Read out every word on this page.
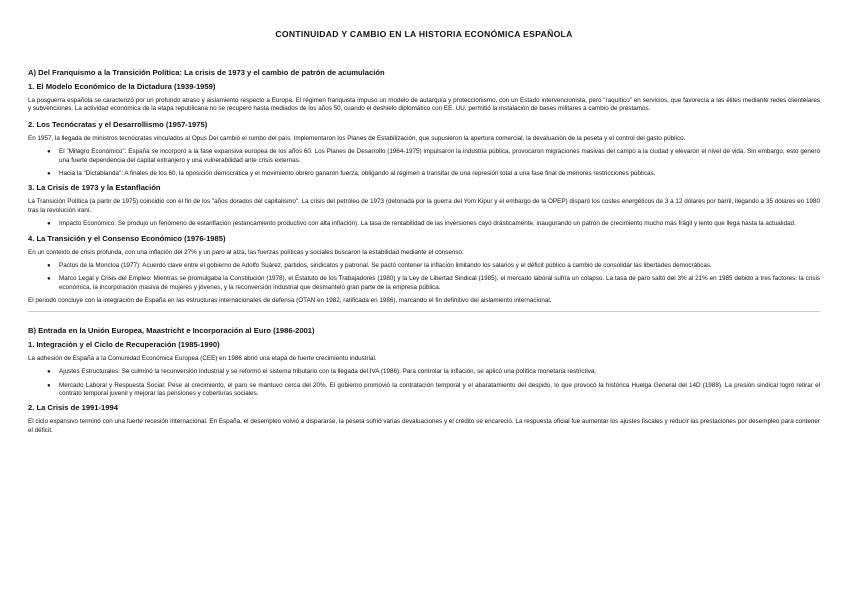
CONTINUIDAD Y CAMBIO EN LA HISTORIA ECONÓMICA ESPAÑOLA
A) Del Franquismo a la Transición Política: La crisis de 1973 y el cambio de patrón de acumulación
1. El Modelo Económico de la Dictadura (1939-1959)

La posguerra española se caracterizó por un profundo atraso y aislamiento respecto a Europa. El régimen franquista impuso un modelo de autarquía y proteccionismo, con un Estado intervencionista, pero "raquítico" en servicios, que favorecía a las élites mediante redes clientelares y subvenciones. La actividad económica de la etapa republicana no se recuperó hasta mediados de los años 50, cuando el deshielo diplomático con EE. UU. permitió la instalación de bases militares a cambio de préstamos.

2. Los Tecnócratas y el Desarrollismo (1957-1975)

En 1957, la llegada de ministros tecnócratas vinculados al Opus Dei cambió el rumbo del país. Implementaron los Planes de Estabilización, que supusieron la apertura comercial, la devaluación de la peseta y el control del gasto público.

● El "Milagro Económico": España se incorporó a la fase expansiva europea de los años 60. Los Planes de Desarrollo (1964-1975) impulsaron la industria pública, provocaron migraciones masivas del campo a la ciudad y elevaron el nivel de vida. Sin embargo, esto generó una fuerte dependencia del capital extranjero y una vulnerabilidad ante crisis externas.
● Hacia la "Dictablanda": A finales de los 60, la oposición democrática y el movimiento obrero ganaron fuerza, obligando al régimen a transitar de una represión total a una fase final de menores restricciones públicas.
3. La Crisis de 1973 y la Estanflación

La Transición Política (a partir de 1975) coincidió con el fin de los "años dorados del capitalismo". La crisis del petróleo de 1973 (detonada por la guerra del Yom Kipur y el embargo de la OPEP) disparó los costes energéticos de 3 a 12 dólares por barril, llegando a 35 dólares en 1980 tras la revolución iraní.

● Impacto Económico: Se produjo un fenómeno de estanflación (estancamiento productivo con alta inflación). La tasa de rentabilidad de las inversiones cayó drásticamente, inaugurando un patrón de crecimiento mucho más frágil y lento que llega hasta la actualidad.
4. La Transición y el Consenso Económico (1976-1985)

En un contexto de crisis profunda, con una inflación del 27% y un paro al alza, las fuerzas políticas y sociales buscaron la estabilidad mediante el consenso:

● Pactos de la Moncloa (1977): Acuerdo clave entre el gobierno de Adolfo Suárez, partidos, sindicatos y patronal. Se pactó contener la inflación limitando los salarios y el déficit público a cambio de consolidar las libertades democráticas.
● Marco Legal y Crisis del Empleo: Mientras se promulgaba la Constitución (1978), el Estatuto de los Trabajadores (1980) y la Ley de Libertad Sindical (1985), el mercado laboral sufría un colapso. La tasa de paro saltó del 3% al 21% en 1985 debido a tres factores: la crisis económica, la incorporación masiva de mujeres y jóvenes, y la reconversión industrial que desmanteló gran parte de la empresa pública.

El periodo concluye con la integración de España en las estructuras internacionales de defensa (OTAN en 1982, ratificada en 1986), marcando el fin definitivo del aislamiento internacional.

B) Entrada en la Unión Europea, Maastricht e Incorporación al Euro (1986-2001)
1. Integración y el Ciclo de Recuperación (1985-1990)

La adhesión de España a la Comunidad Económica Europea (CEE) en 1986 abrió una etapa de fuerte crecimiento industrial.

● Ajustes Estructurales: Se culminó la reconversión industrial y se reformó el sistema tributario con la llegada del IVA (1986). Para controlar la inflación, se aplicó una política monetaria restrictiva.
● Mercado Laboral y Respuesta Social: Pese al crecimiento, el paro se mantuvo cerca del 20%. El gobierno promovió la contratación temporal y el abaratamiento del despido, lo que provocó la histórica Huelga General del 14D (1988). La presión sindical logró retirar el contrato temporal juvenil y mejorar las pensiones y coberturas sociales.
2. La Crisis de 1991-1994

El ciclo expansivo terminó con una fuerte recesión internacional. En España, el desempleo volvió a dispararse, la peseta sufrió varias devaluaciones y el crédito se encareció. La respuesta oficial fue aumentar los ajustes fiscales y reducir las prestaciones por desempleo para contener el déficit.
